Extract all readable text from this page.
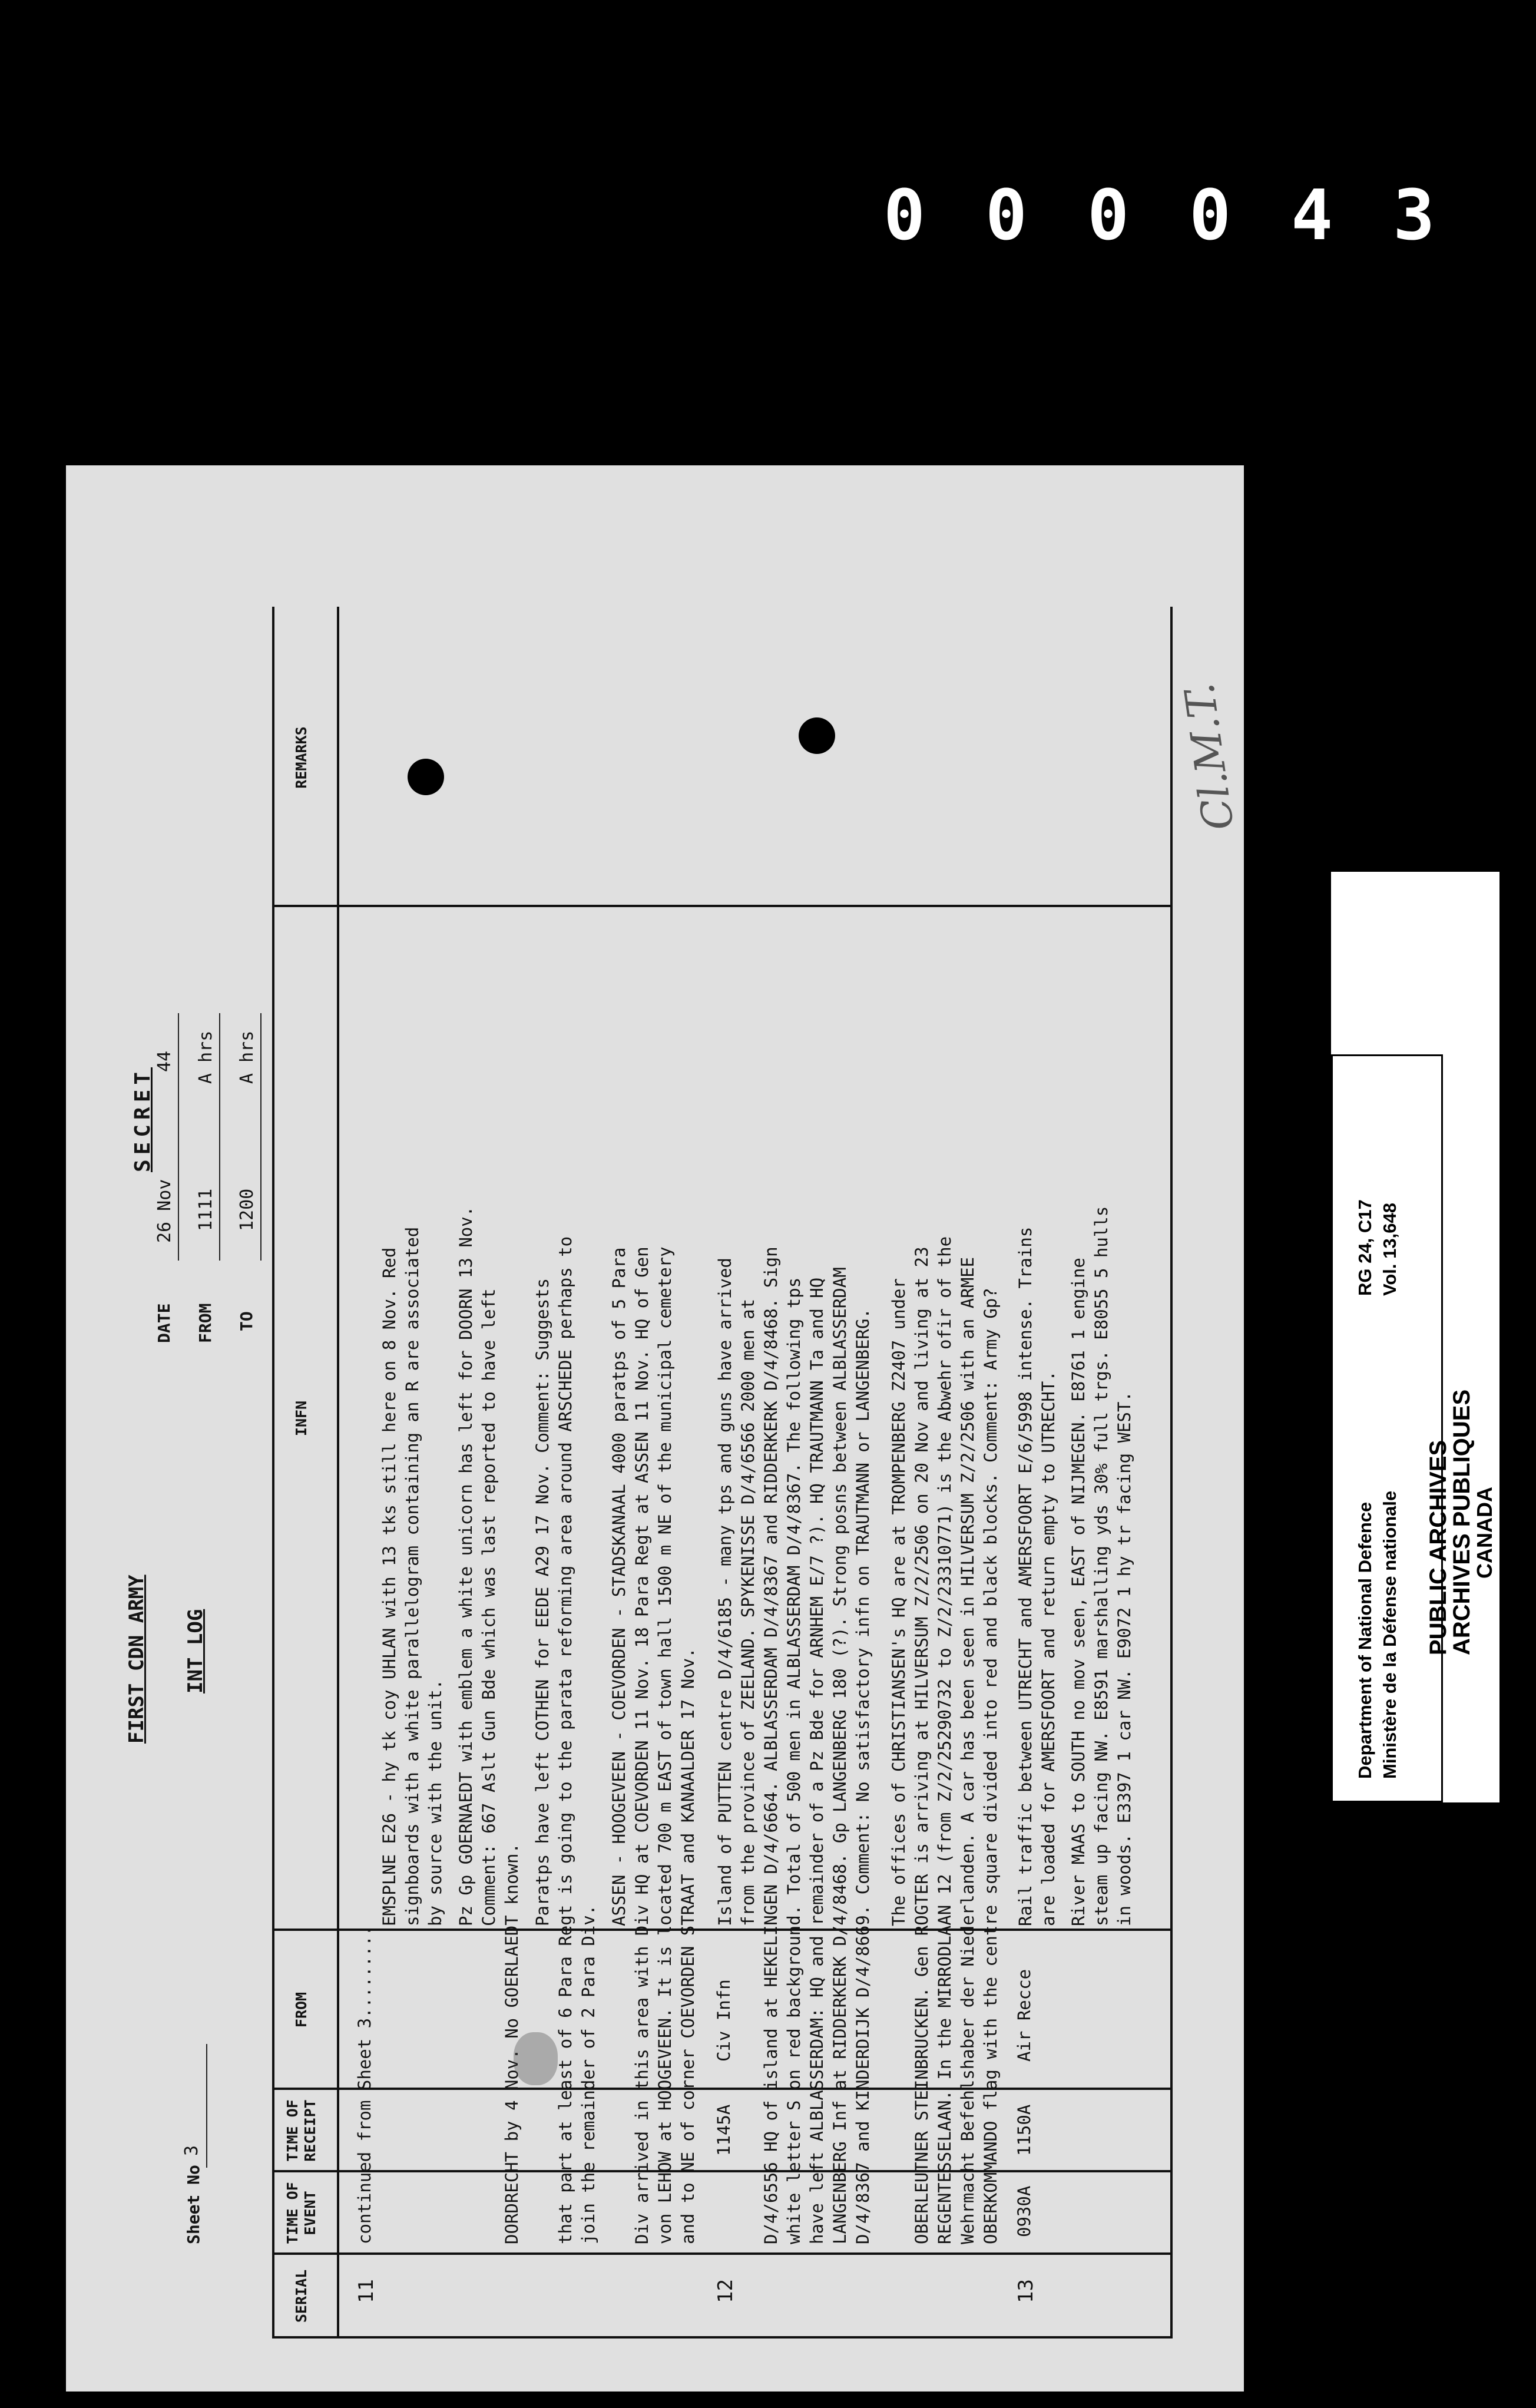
000043
SECRET
FIRST CDN ARMY INT LOG
Sheet No
3
DATE
26 Nov
44
FROM
1111
A hrs
TO
1200
A hrs
SERIAL
TIME OF EVENT
TIME OF RECEIPT
FROM
INFN
REMARKS
11
continued from Sheet 3.........
EMSPLNE E26 - hy tk coy UHLAN with 13 tks still here on 8 Nov. Red signboards with a white parallelogram containing an R are associated by source with the unit. Pz Gp GOERNAEDT with emblem a white unicorn has left for DOORN 13 Nov. Comment: 667 Aslt Gun Bde which was last reported to have left
DORDRECHT by 4 Nov. No GOERLAEDT known.
Paratps have left COTHEN for EEDE A29 17 Nov. Comment: Suggests that part at least of 6 Para Regt is going to the parata reforming area around ARSCHEDE perhaps to join the remainder of 2 Para Div.
ASSEN - HOOGEVEEN - COEVORDEN - STADSKANAAL 4000 paratps of 5 Para Div arrived in this area with Div HQ at COEVORDEN 11 Nov. 18 Para Regt at ASSEN 11 Nov. HQ of Gen von LEHOW at HOOGEVEEN. It is located 700 m EAST of town hall 1500 m NE of the municipal cemetery and to NE of corner COEVORDEN STRAAT and KANAALDER 17 Nov.
12
1145A
Civ Infn
Island of PUTTEN centre D/4/6185 - many tps and guns have arrived from the province of ZEELAND. SPYKENISSE D/4/6566 2000 men at D/4/6556 HQ of island at HEKELINGEN D/4/6664. ALBLASSERDAM D/4/8367 and RIDDERKERK D/4/8468. Sign white letter S on red background. Total of 500 men in ALBLASSERDAM D/4/8367. The following tps have left ALBLASSERDAM: HQ and remainder of a Pz Bde for ARNHEM E/7 ?). HQ TRAUTMANN Ta and HQ LANGENBERG Inf at RIDDERKERK D/4/8468. Gp LANGENBERG 180 (?). Strong posns between ALBLASSERDAM D/4/8367 and KINDERDIJK D/4/8669. Comment: No satisfactory infn on TRAUTMANN or LANGENBERG. The offices of CHRISTIANSEN's HQ are at TROMPENBERG Z2407 under OBERLEUTNER STEINBRUCKEN. Gen ROGTER is arriving at HILVERSUM Z/2/2506 on 20 Nov and living at 23 REGENTESSELAAN. In the MIRRODLAAN 12 (from Z/2/25290732 to Z/2/23310771) is the Abwehr ofir of the Wehrmacht Befehlshaber der Niederlanden. A car has been seen in HILVERSUM Z/2/2506 with an ARMEE OBERKOMMANDO flag with the centre square divided into red and black blocks. Comment: Army Gp?
13
0930A
1150A
Air Recce
Rail traffic between UTRECHT and AMERSFOORT E/6/5998 intense. Trains are loaded for AMERSFOORT and return empty to UTRECHT. River MAAS to SOUTH no mov seen, EAST of NIJMEGEN. E8761 1 engine steam up facing NW. E8591 marshalling yds 30% full trgs. E8055 5 hulls in woods. E3397 1 car NW. E9072 1 hy tr facing WEST.
Cl.M.T.
Department of National Defence Ministère de la Défense nationale
RG 24, C17 Vol. 13,648
PUBLIC ARCHIVES
ARCHIVES PUBLIQUES
CANADA
